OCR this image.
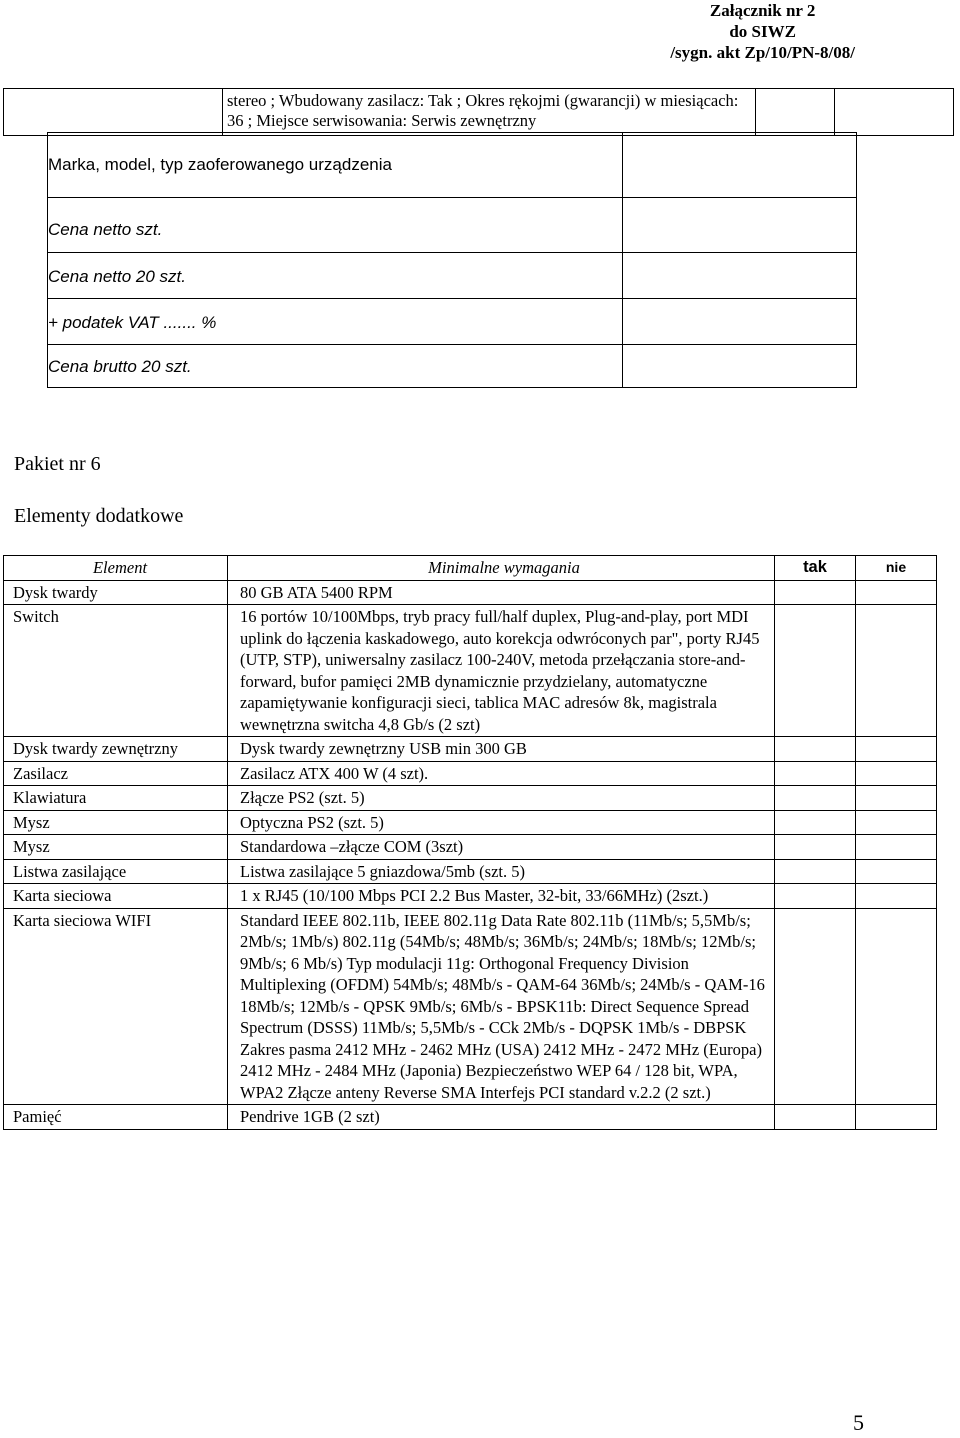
Załącznik nr 2
do SIWZ
/sygn. akt Zp/10/PN-8/08/
	stereo ; Wbudowany zasilacz: Tak ; Okres rękojmi (gwarancji) w miesiącach: 36 ; Miejsce serwisowania: Serwis zewnętrzny		
Marka, model, typ zaoferowanego urządzenia	
Cena netto szt.	
Cena netto 20 szt.	
+ podatek VAT ....... %	
Cena brutto 20 szt.	
Pakiet nr 6
Elementy dodatkowe
Element	Minimalne wymagania	tak	nie
Dysk twardy	80 GB ATA 5400 RPM		
Switch	16 portów 10/100Mbps, tryb pracy full/half duplex, Plug-and-play, port MDI uplink do łączenia kaskadowego, auto korekcja odwróconych par", porty RJ45 (UTP, STP), uniwersalny zasilacz 100-240V, metoda przełączania store-and-forward, bufor pamięci 2MB dynamicznie przydzielany, automatyczne zapamiętywanie konfiguracji sieci, tablica MAC adresów 8k, magistrala wewnętrzna switcha 4,8 Gb/s (2 szt)		
Dysk twardy zewnętrzny	Dysk twardy zewnętrzny USB min 300 GB		
Zasilacz	Zasilacz ATX 400 W (4 szt).		
Klawiatura	Złącze PS2 (szt. 5)		
Mysz	Optyczna PS2 (szt. 5)		
Mysz	Standardowa –złącze COM (3szt)		
Listwa zasilające	Listwa zasilające 5 gniazdowa/5mb (szt. 5)		
Karta sieciowa	1 x RJ45 (10/100 Mbps PCI 2.2 Bus Master, 32-bit, 33/66MHz) (2szt.)		
Karta sieciowa WIFI	Standard IEEE 802.11b, IEEE 802.11g Data Rate 802.11b (11Mb/s; 5,5Mb/s; 2Mb/s; 1Mb/s) 802.11g (54Mb/s; 48Mb/s; 36Mb/s; 24Mb/s; 18Mb/s; 12Mb/s; 9Mb/s; 6 Mb/s) Typ modulacji 11g: Orthogonal Frequency Division Multiplexing (OFDM) 54Mb/s; 48Mb/s - QAM-64 36Mb/s; 24Mb/s - QAM-16 18Mb/s; 12Mb/s - QPSK 9Mb/s; 6Mb/s - BPSK11b: Direct Sequence Spread Spectrum (DSSS) 11Mb/s; 5,5Mb/s - CCk 2Mb/s - DQPSK 1Mb/s - DBPSK Zakres pasma 2412 MHz - 2462 MHz (USA) 2412 MHz - 2472 MHz (Europa) 2412 MHz - 2484 MHz (Japonia) Bezpieczeństwo WEP 64 / 128 bit, WPA, WPA2 Złącze anteny Reverse SMA Interfejs PCI standard v.2.2 (2 szt.)		
Pamięć	Pendrive 1GB (2 szt)		
5
